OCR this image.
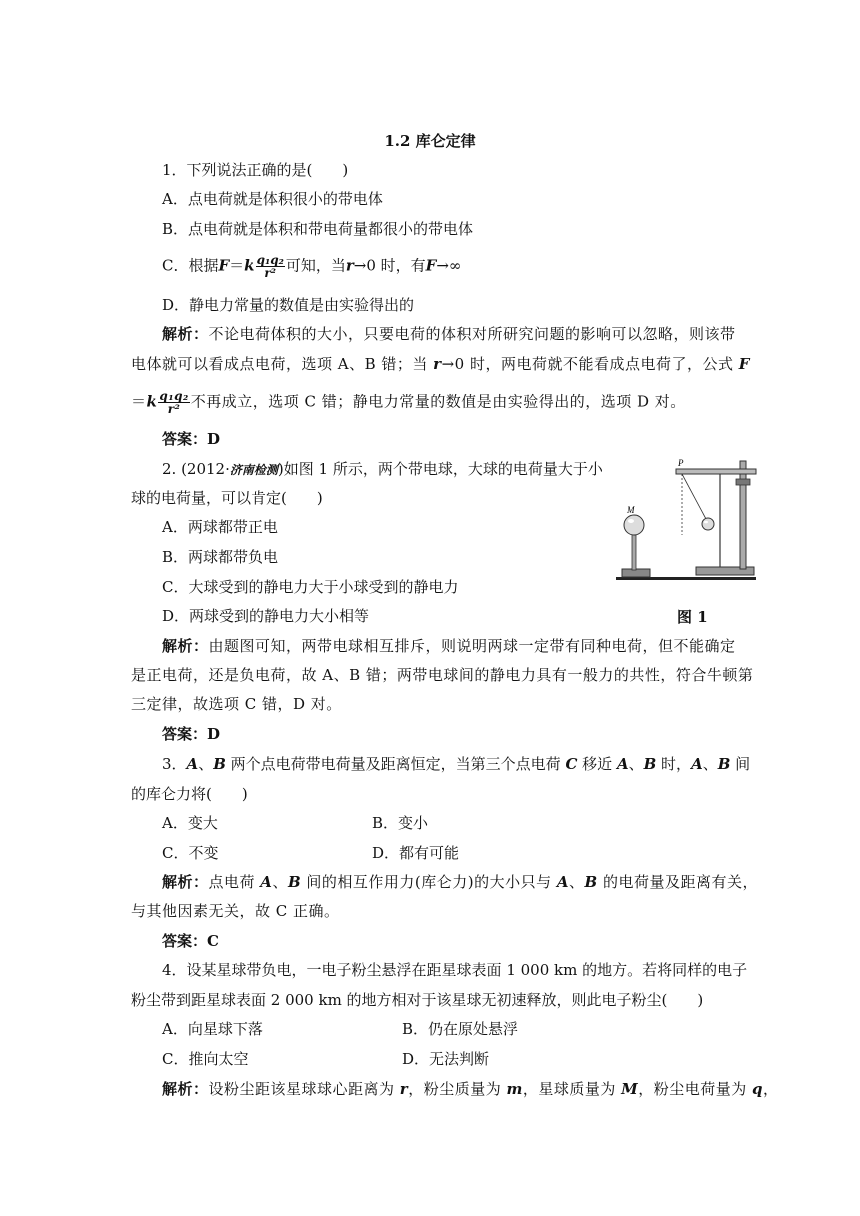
1.2 库仑定律
1．下列说法正确的是(　　)
A．点电荷就是体积很小的带电体
B．点电荷就是体积和带电荷量都很小的带电体
C．根据$F=k \frac{\text{q₁q₂}}{\text{r²}}$ 可知，当r→0 时，有F→∞
D．静电力常量的数值是由实验得出的
解析：不论电荷体积的大小，只要电荷的体积对所研究问题的影响可以忽略，则该带
电体就可以看成点电荷，选项 A、B 错；当 r→0 时，两电荷就不能看成点电荷了，公式 F
$=k \frac{\text{q₁q₂}}{\text{r²}}$ 不再成立，选项 C 错；静电力常量的数值是由实验得出的，选项 D 对。
答案：D
2. (2012·济南检测)如图 1 所示，两个带电球，大球的电荷量大于小
球的电荷量，可以肯定(　　)
A．两球都带正电
B．两球都带负电
C．大球受到的静电力大于小球受到的静电力
D．两球受到的静电力大小相等
M
P
图 1
解析：由题图可知，两带电球相互排斥，则说明两球一定带有同种电荷，但不能确定
是正电荷，还是负电荷，故 A、B 错；两带电球间的静电力具有一般力的共性，符合牛顿第
三定律，故选项 C 错，D 对。
答案：D
3．A、B 两个点电荷带电荷量及距离恒定，当第三个点电荷 C 移近 A、B 时，A、B 间
的库仑力将(　　)
A．变大	B．变小
C．不变	D．都有可能
解析：点电荷 A、B 间的相互作用力(库仑力)的大小只与 A、B 的电荷量及距离有关，
与其他因素无关，故 C 正确。
答案：C
4．设某星球带负电，一电子粉尘悬浮在距星球表面 1 000 km 的地方。若将同样的电子
粉尘带到距星球表面 2 000 km 的地方相对于该星球无初速释放，则此电子粉尘(　　)
A．向星球下落	B．仍在原处悬浮
C．推向太空	D．无法判断
解析：设粉尘距该星球球心距离为 r，粉尘质量为 m，星球质量为 M，粉尘电荷量为 q，
